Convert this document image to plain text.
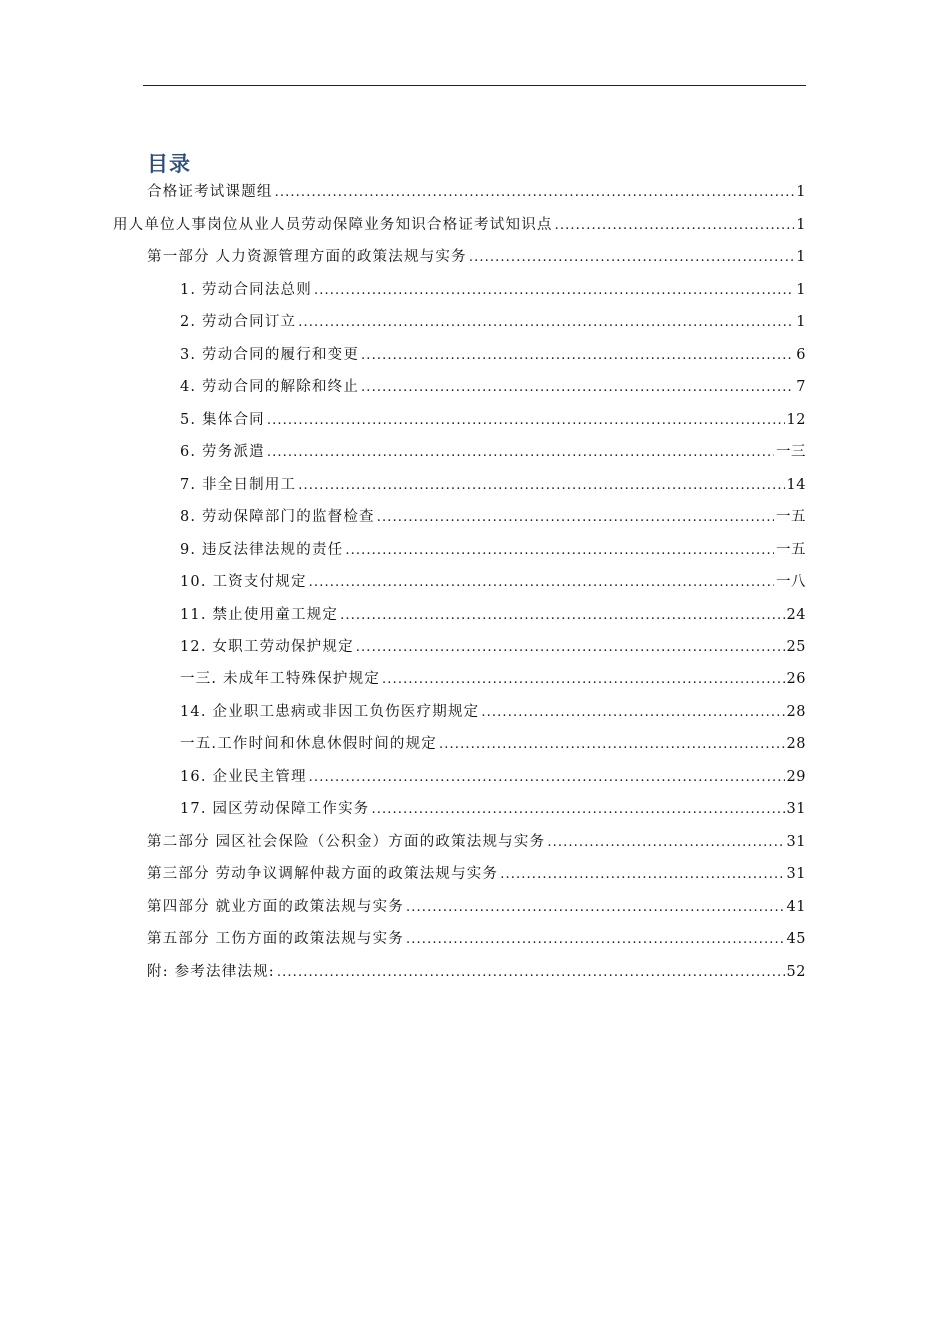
目录
合格证考试课题组 . . .	1
用人单位人事岗位从业人员劳动保障业务知识合格证考试知识点 . . .	1
第一部分 人力资源管理方面的政策法规与实务 . . .	1
1. 劳动合同法总则 . . .	1
2. 劳动合同订立 . . .	1
3. 劳动合同的履行和变更 . . .	6
4. 劳动合同的解除和终止 . . .	7
5. 集体合同 . . .	12
6. 劳务派遣 . . .	一三
7. 非全日制用工 . . .	14
8. 劳动保障部门的监督检查 . . .	一五
9. 违反法律法规的责任 . . .	一五
10. 工资支付规定 . . .	一八
11. 禁止使用童工规定 . . .	24
12. 女职工劳动保护规定 . . .	25
一三. 未成年工特殊保护规定 . . .	26
14. 企业职工患病或非因工负伤医疗期规定 . . .	28
一五.工作时间和休息休假时间的规定 . . .	28
16. 企业民主管理 . . .	29
17. 园区劳动保障工作实务 . . .	31
第二部分 园区社会保险（公积金）方面的政策法规与实务 . . .	31
第三部分 劳动争议调解仲裁方面的政策法规与实务 . . .	31
第四部分 就业方面的政策法规与实务 . . .	41
第五部分 工伤方面的政策法规与实务 . . .	45
附: 参考法律法规: . . .	52
